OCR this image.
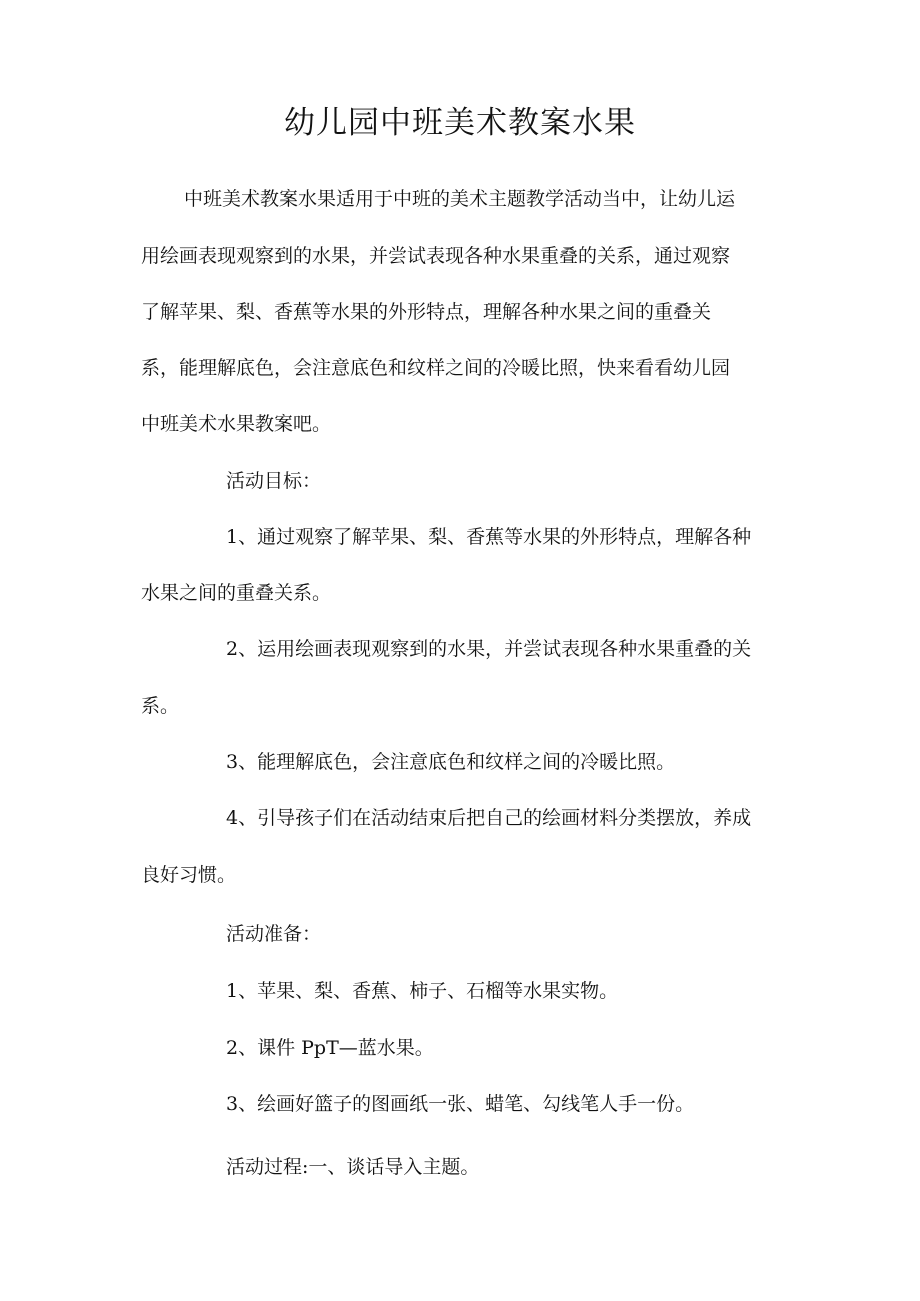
幼儿园中班美术教案水果
中班美术教案水果适用于中班的美术主题教学活动当中，让幼儿运
用绘画表现观察到的水果，并尝试表现各种水果重叠的关系，通过观察
了解苹果、梨、香蕉等水果的外形特点，理解各种水果之间的重叠关
系，能理解底色，会注意底色和纹样之间的冷暖比照，快来看看幼儿园
中班美术水果教案吧。
活动目标：
1、通过观察了解苹果、梨、香蕉等水果的外形特点，理解各种
水果之间的重叠关系。
2、运用绘画表现观察到的水果，并尝试表现各种水果重叠的关
系。
3、能理解底色，会注意底色和纹样之间的冷暖比照。
4、引导孩子们在活动结束后把自己的绘画材料分类摆放，养成
良好习惯。
活动准备：
1、苹果、梨、香蕉、柿子、石榴等水果实物。
2、课件 PpT—蓝水果。
3、绘画好篮子的图画纸一张、蜡笔、勾线笔人手一份。
活动过程:一、谈话导入主题。
